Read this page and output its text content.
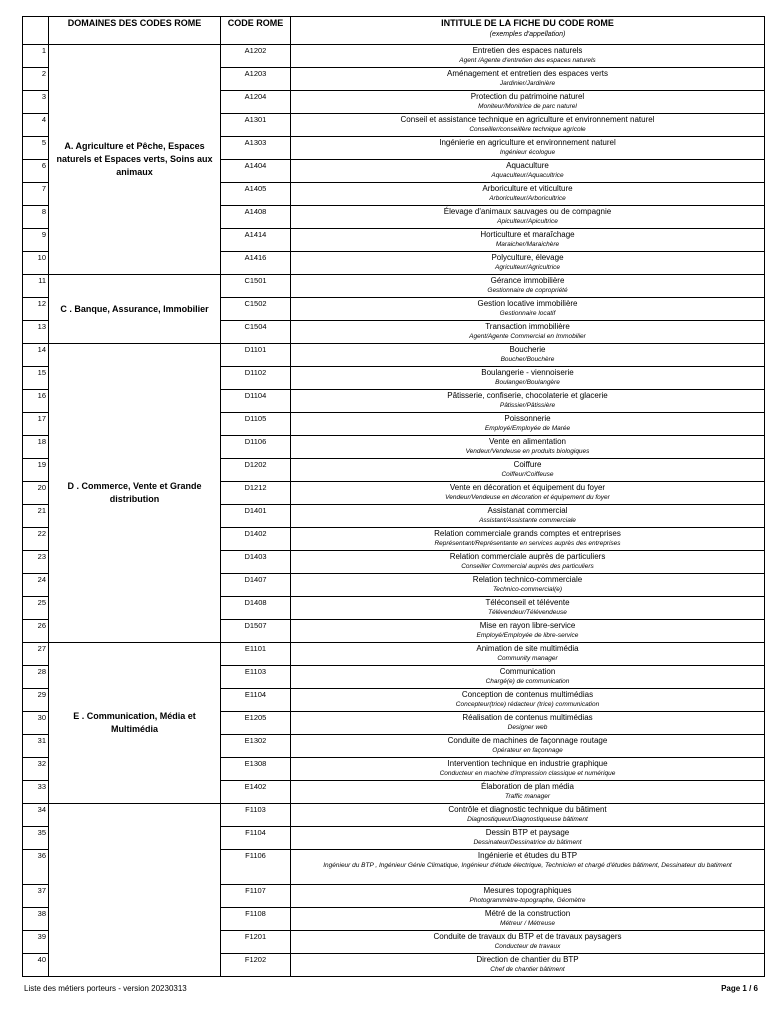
	DOMAINES DES CODES ROME	CODE ROME	INTITULE DE LA FICHE DU CODE ROME
(exemples d'appellation)

1	A. Agriculture et Pêche, Espaces naturels et Espaces verts, Soins aux animaux	A1202	Entretien des espaces naturels
Agent /Agente d'entretien des espaces naturels

2		A1203	Aménagement et entretien des espaces verts
Jardinier/Jardinière

3		A1204	Protection du patrimoine naturel
Moniteur/Monitrice de parc naturel

4		A1301	Conseil et assistance technique en agriculture et environnement naturel
Conseiller/conseillère technique agricole

5		A1303	Ingénierie en agriculture et environnement naturel
Ingénieur écologue

6		A1404	Aquaculture
Aquaculteur/Aquacultrice

7		A1405	Arboriculture et viticulture
Arboriculteur/Arboricultrice

8		A1408	Élevage d'animaux sauvages ou de compagnie
Apiculteur/Apicultrice

9		A1414	Horticulture et maraîchage
Maraicher/Maraichère

10		A1416	Polyculture, élevage
Agriculteur/Agricultrice

11	C . Banque, Assurance, Immobilier	C1501	Gérance immobilière
Gestionnaire de copropriété

12		C1502	Gestion locative immobilière
Gestionnaire locatif

13		C1504	Transaction immobilière
Agent/Agente Commercial en Immobilier

14	D . Commerce, Vente et Grande distribution	D1101	Boucherie
Boucher/Bouchère

15		D1102	Boulangerie - viennoiserie
Boulanger/Boulangère

16		D1104	Pâtisserie, confiserie, chocolaterie et glacerie
Pâtissier/Pâtissière

17		D1105	Poissonnerie
Employé/Employée de Marée

18		D1106	Vente en alimentation
Vendeur/Vendeuse en produits biologiques

19		D1202	Coiffure
Coiffeur/Coiffeuse

20		D1212	Vente en décoration et équipement du foyer
Vendeur/Vendeuse en décoration et équipement du foyer

21		D1401	Assistanat commercial
Assistant/Assistante commerciale

22		D1402	Relation commerciale grands comptes et entreprises
Représentant/Représentante en services auprès des entreprises

23		D1403	Relation commerciale auprès de particuliers
Conseiller Commercial auprès des particuliers

24		D1407	Relation technico-commerciale
Technico-commercial(e)

25		D1408	Téléconseil et télévente
Télévendeur/Télévendeuse

26		D1507	Mise en rayon libre-service
Employé/Employée de libre-service

27	E . Communication, Média et Multimédia	E1101	Animation de site multimédia
Community manager

28		E1103	Communication
Chargé(e) de communication

29		E1104	Conception de contenus multimédias
Concepteur(trice) rédacteur (trice) communication

30		E1205	Réalisation de contenus multimédias
Designer web

31		E1302	Conduite de machines de façonnage routage
Opérateur en façonnage

32		E1308	Intervention technique en industrie graphique
Conducteur en machine d'impression classique et numérique

33		E1402	Élaboration de plan média
Traffic manager

34		F1103	Contrôle et diagnostic technique du bâtiment
Diagnostiqueur/Diagnostiqueuse bâtiment

35		F1104	Dessin BTP et paysage
Dessinateur/Dessinatrice du bâtiment

36		F1106	Ingénierie et études du BTP
Ingénieur du BTP , Ingénieur Génie Climatique, Ingénieur d'étude électrique, Technicien et chargé d'études bâtiment, Dessinateur du batiment

37		F1107	Mesures topographiques
Photogrammètre-topographe, Géomètre

38		F1108	Métré de la construction
Métreur / Métreuse

39		F1201	Conduite de travaux du BTP et de travaux paysagers
Conducteur de travaux

40		F1202	Direction de chantier du BTP
Chef de chantier bâtiment
Liste des métiers porteurs - version 20230313	Page 1 / 6
